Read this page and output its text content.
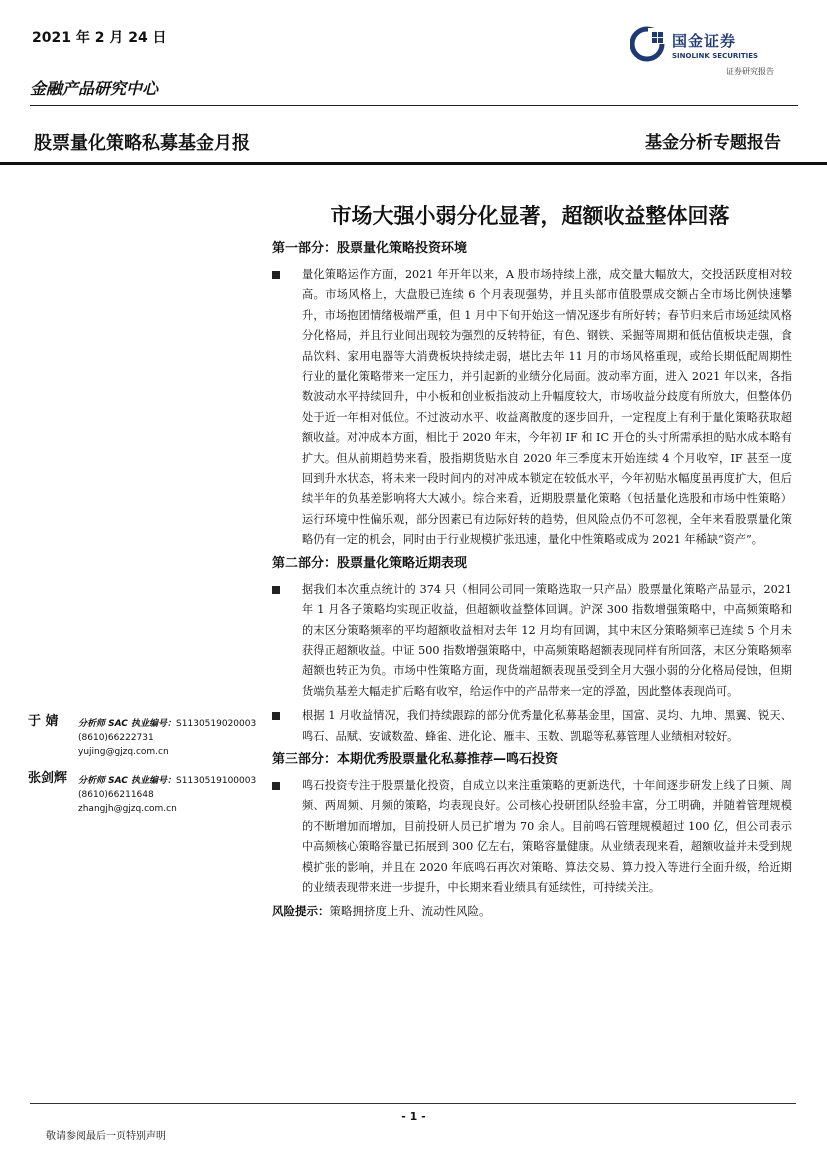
2021 年 2 月 24 日
金融产品研究中心
国金证券
SINOLINK SECURITIES
证券研究报告
股票量化策略私募基金月报	基金分析专题报告
市场大强小弱分化显著，超额收益整体回落
第一部分：股票量化策略投资环境
量化策略运作方面，2021 年开年以来，A 股市场持续上涨，成交量大幅放大，交投活跃度相对较高。市场风格上，大盘股已连续 6 个月表现强势，并且头部市值股票成交额占全市场比例快速攀升，市场抱团情绪极端严重，但 1 月中下旬开始这一情况逐步有所好转；春节归来后市场延续风格分化格局，并且行业间出现较为强烈的反转特征，有色、钢铁、采掘等周期和低估值板块走强，食品饮料、家用电器等大消费板块持续走弱，堪比去年 11 月的市场风格重现，或给长期低配周期性行业的量化策略带来一定压力，并引起新的业绩分化局面。波动率方面，进入 2021 年以来，各指数波动水平持续回升，中小板和创业板指波动上升幅度较大，市场收益分歧度有所放大，但整体仍处于近一年相对低位。不过波动水平、收益离散度的逐步回升，一定程度上有利于量化策略获取超额收益。对冲成本方面，相比于 2020 年末，今年初 IF 和 IC 开仓的头寸所需承担的贴水成本略有扩大。但从前期趋势来看，股指期货贴水自 2020 年三季度末开始连续 4 个月收窄，IF 甚至一度回到升水状态，将未来一段时间内的对冲成本锁定在较低水平，今年初贴水幅度虽再度扩大，但后续半年的负基差影响将大大减小。综合来看，近期股票量化策略（包括量化选股和市场中性策略）运行环境中性偏乐观，部分因素已有边际好转的趋势，但风险点仍不可忽视，全年来看股票量化策略仍有一定的机会，同时由于行业规模扩张迅速，量化中性策略或成为 2021 年稀缺“资产”。
第二部分：股票量化策略近期表现
据我们本次重点统计的 374 只（相同公司同一策略选取一只产品）股票量化策略产品显示，2021 年 1 月各子策略均实现正收益，但超额收益整体回调。沪深 300 指数增强策略中，中高频策略和的末区分策略频率的平均超额收益相对去年 12 月均有回调，其中末区分策略频率已连续 5 个月未获得正超额收益。中证 500 指数增强策略中，中高频策略超额表现同样有所回落，末区分策略频率超额也转正为负。市场中性策略方面，现货端超额表现虽受到全月大强小弱的分化格局侵蚀，但期货端负基差大幅走扩后略有收窄，给运作中的产品带来一定的浮盈，因此整体表现尚可。
根据 1 月收益情况，我们持续跟踪的部分优秀量化私募基金里，国富、灵均、九坤、黑翼、锐天、鸣石、品赋、安诚数盈、蜂雀、进化论、雁丰、玉数、凯聪等私募管理人业绩相对较好。
第三部分：本期优秀股票量化私募推荐—鸣石投资
鸣石投资专注于股票量化投资，自成立以来注重策略的更新迭代，十年间逐步研发上线了日频、周频、两周频、月频的策略，均表现良好。公司核心投研团队经验丰富，分工明确，并随着管理规模的不断增加而增加，目前投研人员已扩增为 70 余人。目前鸣石管理规模超过 100 亿，但公司表示中高频核心策略容量已拓展到 300 亿左右，策略容量健康。从业绩表现来看，超额收益并未受到规模扩张的影响，并且在 2020 年底鸣石再次对策略、算法交易、算力投入等进行全面升级，给近期的业绩表现带来进一步提升，中长期来看业绩具有延续性，可持续关注。
风险提示：策略拥挤度上升、流动性风险。
于 婧 分析师 SAC 执业编号：S1130519020003
(8610)66222731
yujing@gjzq.com.cn
张剑辉 分析师 SAC 执业编号：S1130519100003
(8610)66211648
zhangjh@gjzq.com.cn
- 1 -
敬请参阅最后一页特别声明
